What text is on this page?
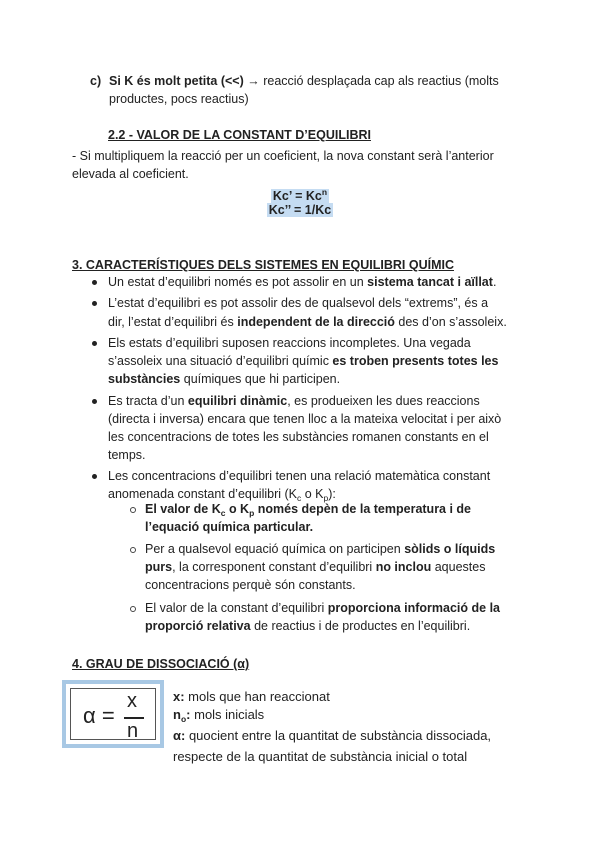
c) Si K és molt petita (<<) → reacció desplaçada cap als reactius (molts
productes, pocs reactius)
2.2 - VALOR DE LA CONSTANT D’EQUILIBRI
- Si multipliquem la reacció per un coeficient, la nova constant serà l’anterior
elevada al coeficient.
Kc’ = $Kc^n$
Kc’’ = 1/Kc
3. CARACTERÍSTIQUES DELS SISTEMES EN EQUILIBRI QUÍMIC
Un estat d’equilibri només es pot assolir en un sistema tancat i aïllat.
L’estat d’equilibri es pot assolir des de qualsevol dels “extrems”, és a
dir, l’estat d’equilibri és independent de la direcció des d’on s’assoleix.
Els estats d’equilibri suposen reaccions incompletes. Una vegada
s’assoleix una situació d’equilibri químic es troben presents totes les
substàncies químiques que hi participen.
Es tracta d’un equilibri dinàmic, es produeixen les dues reaccions
(directa i inversa) encara que tenen lloc a la mateixa velocitat i per això
les concentracions de totes les substàncies romanen constants en el
temps.
Les concentracions d’equilibri tenen una relació matemàtica constant
anomenada constant d’equilibri ($K_c$ o $K_p$):
El valor de $K_c$ o $K_p$ només depèn de la temperatura i de
l’equació química particular.
Per a qualsevol equació química on participen sòlids o líquids
purs, la corresponent constant d’equilibri no inclou aquestes
concentracions perquè són constants.
El valor de la constant d’equilibri proporciona informació de la
proporció relativa de reactius i de productes en l’equilibri.
4. GRAU DE DISSOCIACIÓ (α)
α =
x
n
x: mols que han reaccionat
$n_o$: mols inicials
α: quocient entre la quantitat de substància dissociada,
respecte de la quantitat de substància inicial o total
